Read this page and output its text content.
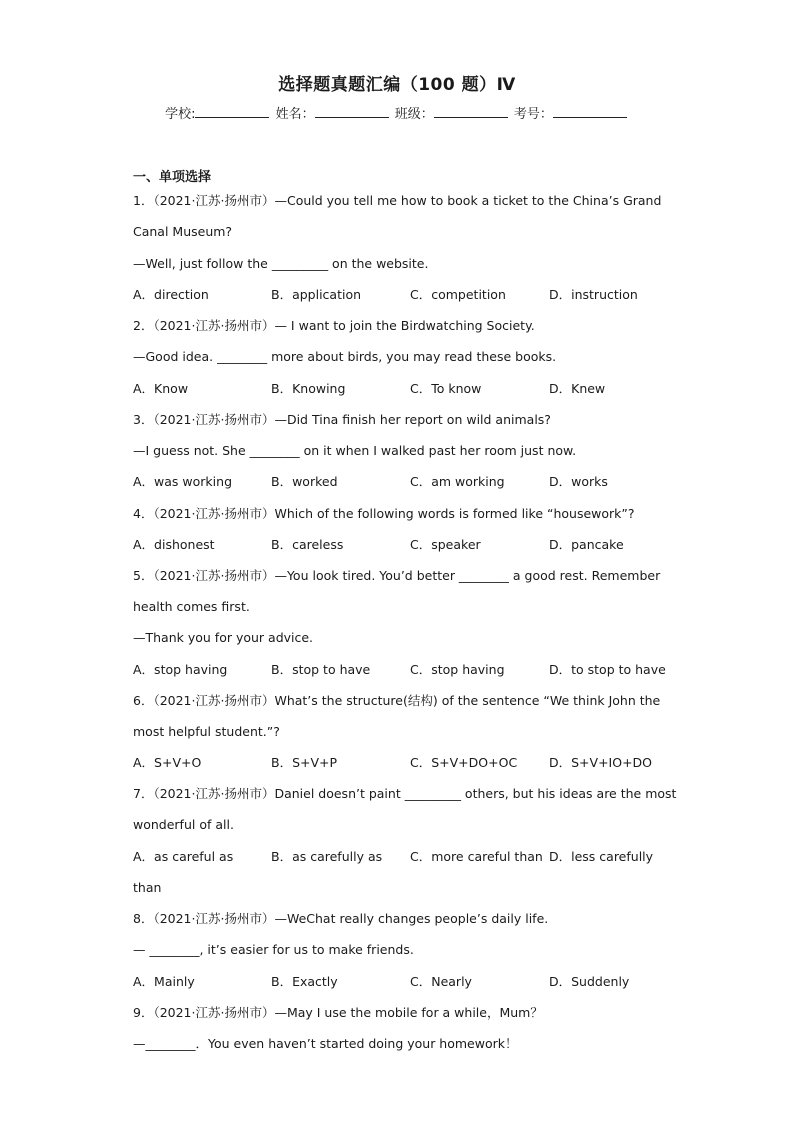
选择题真题汇编（100 题）Ⅳ
学校:	姓名：	班级：	考号：
一、单项选择
1．（2021·江苏·扬州市）—Could you tell me how to book a ticket to the China’s Grand
Canal Museum?
—Well, just follow the _________ on the website.
A．direction	B．application	C．competition	D．instruction
2．（2021·江苏·扬州市）— I want to join the Birdwatching Society.
—Good idea. ________ more about birds, you may read these books.
A．Know	B．Knowing	C．To know	D．Knew
3．（2021·江苏·扬州市）—Did Tina finish her report on wild animals?
—I guess not. She ________ on it when I walked past her room just now.
A．was working	B．worked	C．am working	D．works
4．（2021·江苏·扬州市）Which of the following words is formed like “housework”?
A．dishonest	B．careless	C．speaker	D．pancake
5．（2021·江苏·扬州市）—You look tired. You’d better ________ a good rest. Remember
health comes first.
—Thank you for your advice.
A．stop having	B．stop to have	C．stop having	D．to stop to have
6．（2021·江苏·扬州市）What’s the structure(结构) of the sentence “We think John the
most helpful student.”?
A．S+V+O	B．S+V+P	C．S+V+DO+OC	D．S+V+IO+DO
7．（2021·江苏·扬州市）Daniel doesn’t paint _________ others, but his ideas are the most
wonderful of all.
A．as careful as	B．as carefully as C．more careful than D．less carefully
than
8．（2021·江苏·扬州市）—WeChat really changes people’s daily life.
— ________, it’s easier for us to make friends.
A．Mainly	B．Exactly	C．Nearly	D．Suddenly
9．（2021·江苏·扬州市）—May I use the mobile for a while，Mum？
—________．You even haven’t started doing your homework！
